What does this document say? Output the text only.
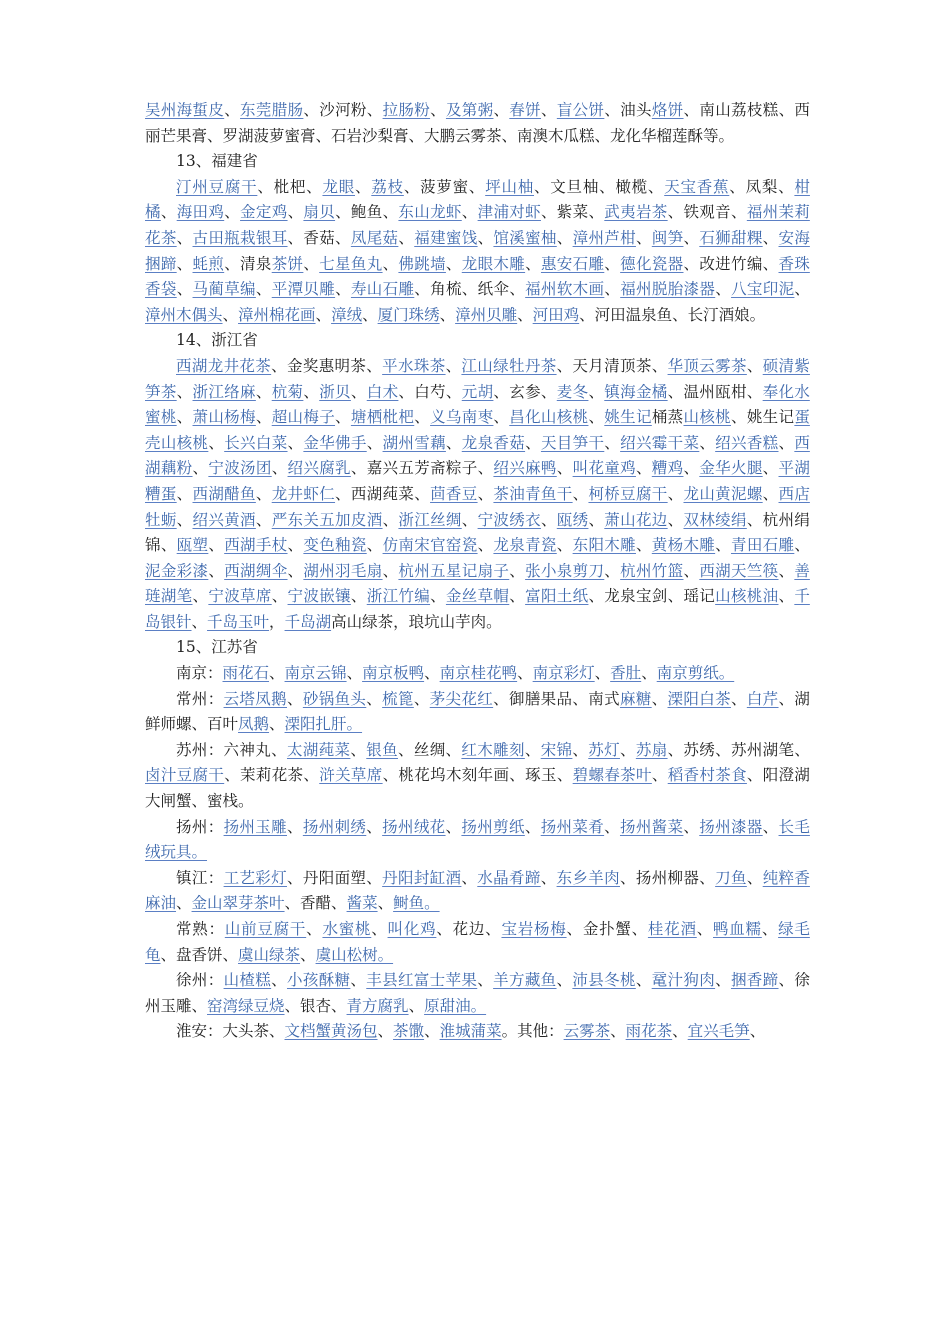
吴州海蜇皮、东莞腊肠、沙河粉、拉肠粉、及第粥、春饼、盲公饼、油头烙饼、南山荔枝糕、西丽芒果膏、罗湖菠萝蜜膏、石岩沙梨膏、大鹏云雾茶、南澳木瓜糕、龙化华榴莲酥等。

13、福建省

汀州豆腐干、枇杷、龙眼、荔枝、菠萝蜜、坪山柚、文旦柚、橄榄、天宝香蕉、凤梨、柑橘、海田鸡、金定鸡、扇贝、鲍鱼、东山龙虾、津浦对虾、紫菜、武夷岩茶、铁观音、福州茉莉花茶、古田瓶栽银耳、香菇、凤尾菇、福建蜜饯、馆溪蜜柚、漳州芦柑、闽笋、石狮甜粿、安海捆蹄、蚝煎、清泉茶饼、七星鱼丸、佛跳墙、龙眼木雕、惠安石雕、德化瓷器、改进竹编、香珠香袋、马蔺草编、平潭贝雕、寿山石雕、角梳、纸伞、福州软木画、福州脱胎漆器、八宝印泥、漳州木偶头、漳州棉花画、漳绒、厦门珠绣、漳州贝雕、河田鸡、河田温泉鱼、长汀酒娘。

14、浙江省

西湖龙井花茶、金奖惠明茶、平水珠茶、江山绿牡丹茶、天月清顶茶、华顶云雾茶、硕清紫笋茶、浙江络麻、杭菊、浙贝、白术、白芍、元胡、玄参、麦冬、镇海金橘、温州瓯柑、奉化水蜜桃、萧山杨梅、超山梅子、塘栖枇杷、义乌南枣、昌化山核桃、姚生记桶蒸山核桃、姚生记蛋壳山核桃、长兴白菜、金华佛手、湖州雪藕、龙泉香菇、天目笋干、绍兴霉干菜、绍兴香糕、西湖藕粉、宁波汤团、绍兴腐乳、嘉兴五芳斋粽子、绍兴麻鸭、叫花童鸡、糟鸡、金华火腿、平湖糟蛋、西湖醋鱼、龙井虾仁、西湖莼菜、茴香豆、茶油青鱼干、柯桥豆腐干、龙山黄泥螺、西店牡蛎、绍兴黄酒、严东关五加皮酒、浙江丝绸、宁波绣衣、瓯绣、萧山花边、双林绫绢、杭州绢锦、瓯塑、西湖手杖、变色釉瓷、仿南宋官窑瓷、龙泉青瓷、东阳木雕、黄杨木雕、青田石雕、泥金彩漆、西湖绸伞、湖州羽毛扇、杭州五星记扇子、张小泉剪刀、杭州竹篮、西湖天竺筷、善琏湖笔、宁波草席、宁波嵌镶、浙江竹编、金丝草帽、富阳土纸、龙泉宝剑、瑶记山核桃油、千岛银针、千岛玉叶，千岛湖高山绿茶，琅坑山芋肉。

15、江苏省

南京：雨花石、南京云锦、南京板鸭、南京桂花鸭、南京彩灯、香肚、南京剪纸。

常州：云塔凤鹅、砂锅鱼头、梳篦、茅尖花红、御膳果品、南式麻糖、溧阳白茶、白芹、湖鲜师螺、百叶凤鹅、溧阳扎肝。

苏州：六神丸、太湖莼菜、银鱼、丝绸、红木雕刻、宋锦、苏灯、苏扇、苏绣、苏州湖笔、卤汁豆腐干、茉莉花茶、浒关草席、桃花坞木刻年画、琢玉、碧螺春茶叶、稻香村茶食、阳澄湖大闸蟹、蜜栈。

扬州：扬州玉雕、扬州刺绣、扬州绒花、扬州剪纸、扬州菜肴、扬州酱菜、扬州漆器、长毛绒玩具。

镇江：工艺彩灯、丹阳面塑、丹阳封缸酒、水晶肴蹄、东乡羊肉、扬州柳器、刀鱼、纯粹香麻油、金山翠芽茶叶、香醋、酱菜、鲥鱼。

常熟：山前豆腐干、水蜜桃、叫化鸡、花边、宝岩杨梅、金扑蟹、桂花酒、鸭血糯、绿毛龟、盘香饼、虞山绿茶、虞山松树。

徐州：山楂糕、小孩酥糖、丰县红富士苹果、羊方藏鱼、沛县冬桃、鼋汁狗肉、捆香蹄、徐州玉雕、窑湾绿豆烧、银杏、青方腐乳、原甜油。

淮安：大头茶、文档蟹黄汤包、茶馓、淮城蒲菜。其他：云雾茶、雨花茶、宜兴毛笋、
